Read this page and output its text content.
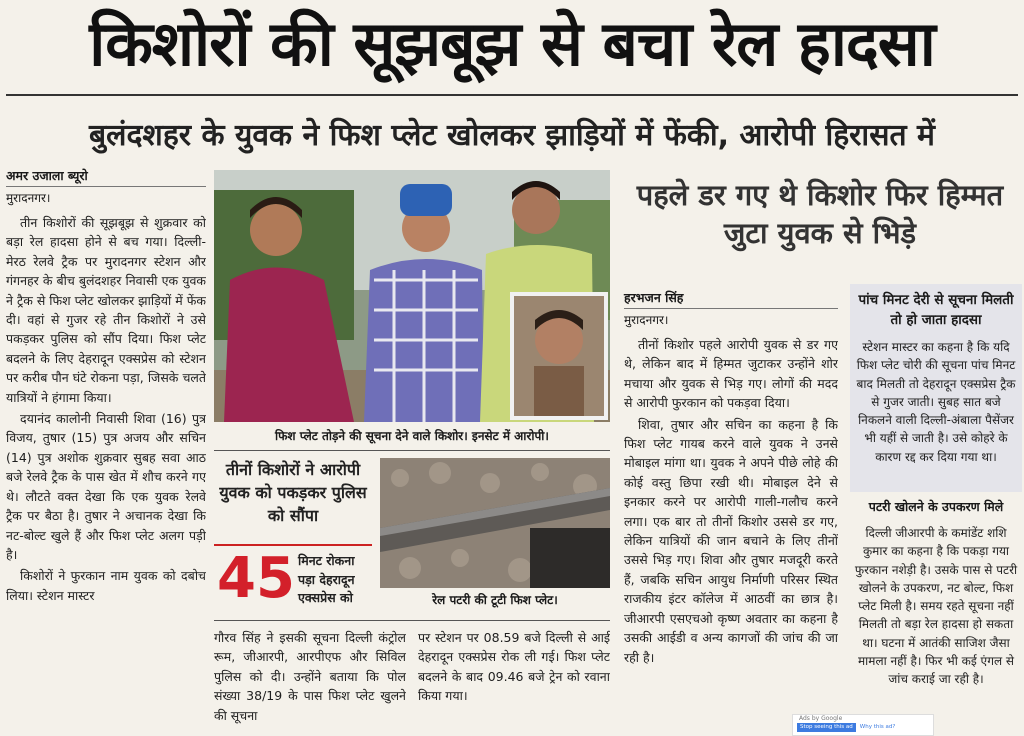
किशोरों की सूझबूझ से बचा रेल हादसा
बुलंदशहर के युवक ने फिश प्लेट खोलकर झाड़ियों में फेंकी, आरोपी हिरासत में
अमर उजाला ब्यूरो
मुरादनगर।

तीन किशोरों की सूझबूझ से शुक्रवार को बड़ा रेल हादसा होने से बच गया। दिल्ली-मेरठ रेलवे ट्रैक पर मुरादनगर स्टेशन और गंगनहर के बीच बुलंदशहर निवासी एक युवक ने ट्रैक से फिश प्लेट खोलकर झाड़ियों में फेंक दी। वहां से गुजर रहे तीन किशोरों ने उसे पकड़कर पुलिस को सौंप दिया। फिश प्लेट बदलने के लिए देहरादून एक्सप्रेस को स्टेशन पर करीब पौन घंटे रोकना पड़ा, जिसके चलते यात्रियों ने हंगामा किया।

दयानंद कालोनी निवासी शिवा (16) पुत्र विजय, तुषार (15) पुत्र अजय और सचिन (14) पुत्र अशोक शुक्रवार सुबह सवा आठ बजे रेलवे ट्रैक के पास खेत में शौच करने गए थे। लौटते वक्त देखा कि एक युवक रेलवे ट्रैक पर बैठा है। तुषार ने अचानक देखा कि नट-बोल्ट खुले हैं और फिश प्लेट अलग पड़ी है।

किशोरों ने फुरकान नाम युवक को दबोच लिया। स्टेशन मास्टर

फिश प्लेट तोड़ने की सूचना देने वाले किशोर। इनसेट में आरोपी।
तीनों किशोरों ने आरोपी युवक को पकड़कर पुलिस को सौंपा
45 मिनट रोकना पड़ा देहरादून एक्सप्रेस को	रेल पटरी की टूटी फिश प्लेट।
गौरव सिंह ने इसकी सूचना दिल्ली कंट्रोल रूम, जीआरपी, आरपीएफ और सिविल पुलिस को दी। उन्होंने बताया कि पोल संख्या 38/19 के पास फिश प्लेट खुलने की सूचना
पर स्टेशन पर 08.59 बजे दिल्ली से आई देहरादून एक्सप्रेस रोक ली गई। फिश प्लेट बदलने के बाद 09.46 बजे ट्रेन को रवाना किया गया।
पहले डर गए थे किशोर फिर हिम्मत जुटा युवक से भिड़े
हरभजन सिंह
मुरादनगर।

तीनों किशोर पहले आरोपी युवक से डर गए थे, लेकिन बाद में हिम्मत जुटाकर उन्होंने शोर मचाया और युवक से भिड़ गए। लोगों की मदद से आरोपी फुरकान को पकड़वा दिया।

शिवा, तुषार और सचिन का कहना है कि फिश प्लेट गायब करने वाले युवक ने उनसे मोबाइल मांगा था। युवक ने अपने पीछे लोहे की कोई वस्तु छिपा रखी थी। मोबाइल देने से इनकार करने पर आरोपी गाली-गलौच करने लगा। एक बार तो तीनों किशोर उससे डर गए, लेकिन यात्रियों की जान बचाने के लिए तीनों उससे भिड़ गए। शिवा और तुषार मजदूरी करते हैं, जबकि सचिन आयुध निर्माणी परिसर स्थित राजकीय इंटर कॉलेज में आठवीं का छात्र है। जीआरपी एसएचओ कृष्ण अवतार का कहना है उसकी आईडी व अन्य कागजों की जांच की जा रही है।

पांच मिनट देरी से सूचना मिलती तो हो जाता हादसा
स्टेशन मास्टर का कहना है कि यदि फिश प्लेट चोरी की सूचना पांच मिनट बाद मिलती तो देहरादून एक्सप्रेस ट्रैक से गुजर जाती। सुबह सात बजे निकलने वाली दिल्ली-अंबाला पैसेंजर भी यहीं से जाती है। उसे कोहरे के कारण रद्द कर दिया गया था।
पटरी खोलने के उपकरण मिले
दिल्ली जीआरपी के कमांडेंट शशि कुमार का कहना है कि पकड़ा गया फुरकान नशेड़ी है। उसके पास से पटरी खोलने के उपकरण, नट बोल्ट, फिश प्लेट मिली है। समय रहते सूचना नहीं मिलती तो बड़ा रेल हादसा हो सकता था। घटना में आतंकी साजिश जैसा मामला नहीं है। फिर भी कई एंगल से जांच कराई जा रही है।
Ads by Google
Stop seeing this ad	Why this ad?
